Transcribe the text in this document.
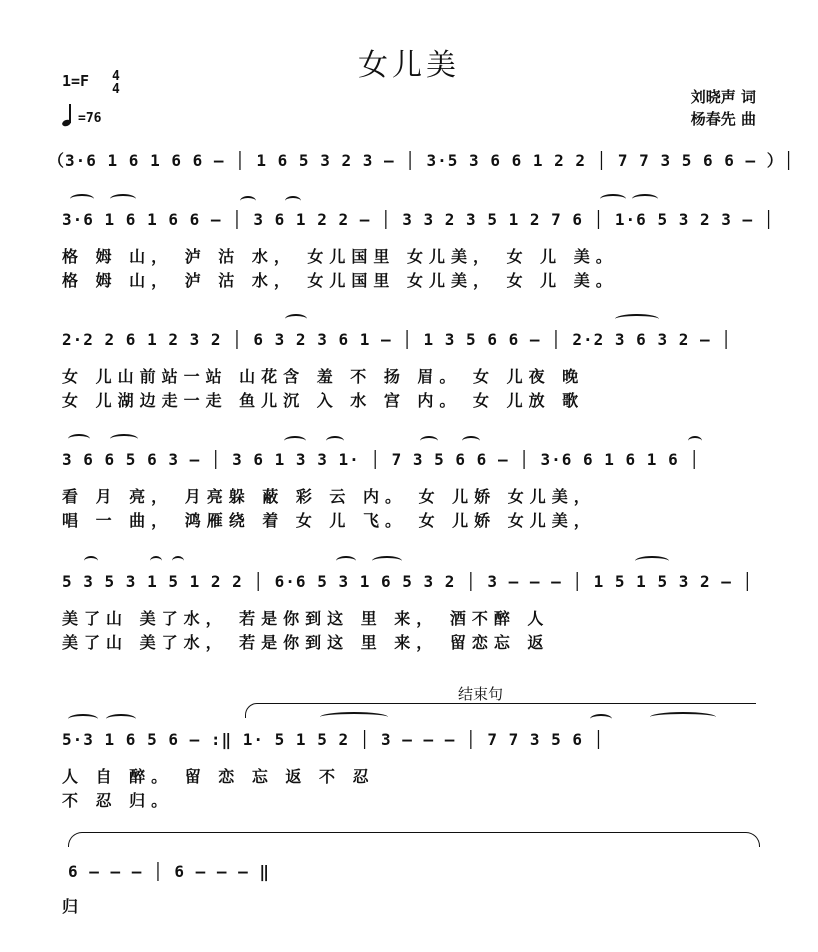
女儿美
1=F 4
4
=76
刘晓声 词
杨春先 曲
（3·6 1 6 1 6 6 – │ 1 6 5 3 2 3 – │ 3·5 3 6 6 1 2 2 │ 7 7 3 5 6 6 – ）│
3·6 1 6 1 6 6 – │ 3 6 1 2 2 – │ 3 3 2 3 5 1 2 7 6 │ 1·6 5 3 2 3 – │
格 姆 山， 泸 沽 水， 女儿国里 女儿美， 女 儿 美。
格 姆 山， 泸 沽 水， 女儿国里 女儿美， 女 儿 美。
2·2 2 6 1 2 3 2 │ 6 3 2 3 6 1 – │ 1 3 5 6 6 – │ 2·2 3 6 3 2 – │
女 儿山前站一站 山花含 羞 不 扬 眉。 女 儿夜 晚
女 儿湖边走一走 鱼儿沉 入 水 宫 内。 女 儿放 歌
3 6 6 5 6 3 – │ 3 6 1 3 3 1· │ 7 3 5 6 6 – │ 3·6 6 1 6 1 6 │
看 月 亮， 月亮躲 蔽 彩 云 内。 女 儿娇 女儿美，
唱 一 曲， 鸿雁绕 着 女 儿 飞。 女 儿娇 女儿美，
5 3 5 3 1 5 1 2 2 │ 6·6 5 3 1 6 5 3 2 │ 3 – – – │ 1 5 1 5 3 2 – │
美了山 美了水， 若是你到这 里 来， 酒不醉 人
美了山 美了水， 若是你到这 里 来， 留恋忘 返
结束句
5·3 1 6 5 6 – :‖ 1· 5 1 5 2 │ 3 – – – │ 7 7 3 5 6 │
人 自 醉。 留 恋 忘 返 不 忍
不 忍 归。
6 – – – │ 6 – – – ‖
归
